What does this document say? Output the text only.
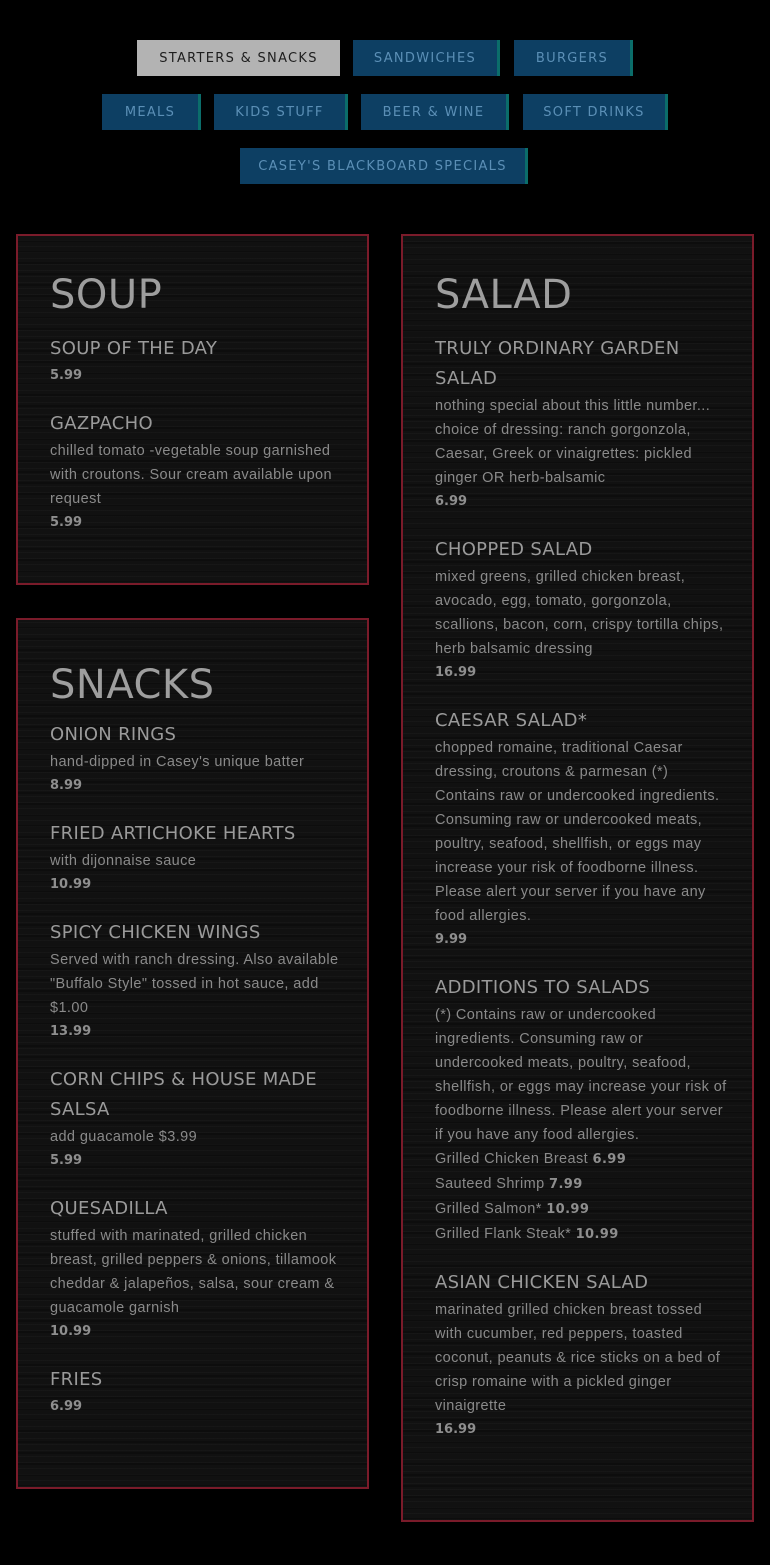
STARTERS & SNACKS	SANDWICHES	BURGERS
MEALS	KIDS STUFF	BEER & WINE	SOFT DRINKS
CASEY'S BLACKBOARD SPECIALS
SOUP
SOUP OF THE DAY
5.99
GAZPACHO
chilled tomato -vegetable soup garnished with croutons. Sour cream available upon request
5.99
SNACKS
ONION RINGS
hand-dipped in Casey's unique batter
8.99
FRIED ARTICHOKE HEARTS
with dijonnaise sauce
10.99
SPICY CHICKEN WINGS
Served with ranch dressing. Also available "Buffalo Style" tossed in hot sauce, add $1.00
13.99
CORN CHIPS & HOUSE MADE SALSA
add guacamole $3.99
5.99
QUESADILLA
stuffed with marinated, grilled chicken breast, grilled peppers & onions, tillamook cheddar & jalapeños, salsa, sour cream & guacamole garnish
10.99
FRIES
6.99
SALAD
TRULY ORDINARY GARDEN SALAD
nothing special about this little number... choice of dressing: ranch gorgonzola, Caesar, Greek or vinaigrettes: pickled ginger OR herb-balsamic
6.99
CHOPPED SALAD
mixed greens, grilled chicken breast, avocado, egg, tomato, gorgonzola, scallions, bacon, corn, crispy tortilla chips, herb balsamic dressing
16.99
CAESAR SALAD*
chopped romaine, traditional Caesar dressing, croutons & parmesan (*) Contains raw or undercooked ingredients. Consuming raw or undercooked meats, poultry, seafood, shellfish, or eggs may increase your risk of foodborne illness. Please alert your server if you have any food allergies.
9.99
ADDITIONS TO SALADS
(*) Contains raw or undercooked ingredients. Consuming raw or undercooked meats, poultry, seafood, shellfish, or eggs may increase your risk of foodborne illness. Please alert your server if you have any food allergies.
Grilled Chicken Breast 6.99
Sauteed Shrimp 7.99
Grilled Salmon* 10.99
Grilled Flank Steak* 10.99
ASIAN CHICKEN SALAD
marinated grilled chicken breast tossed with cucumber, red peppers, toasted coconut, peanuts & rice sticks on a bed of crisp romaine with a pickled ginger vinaigrette
16.99
